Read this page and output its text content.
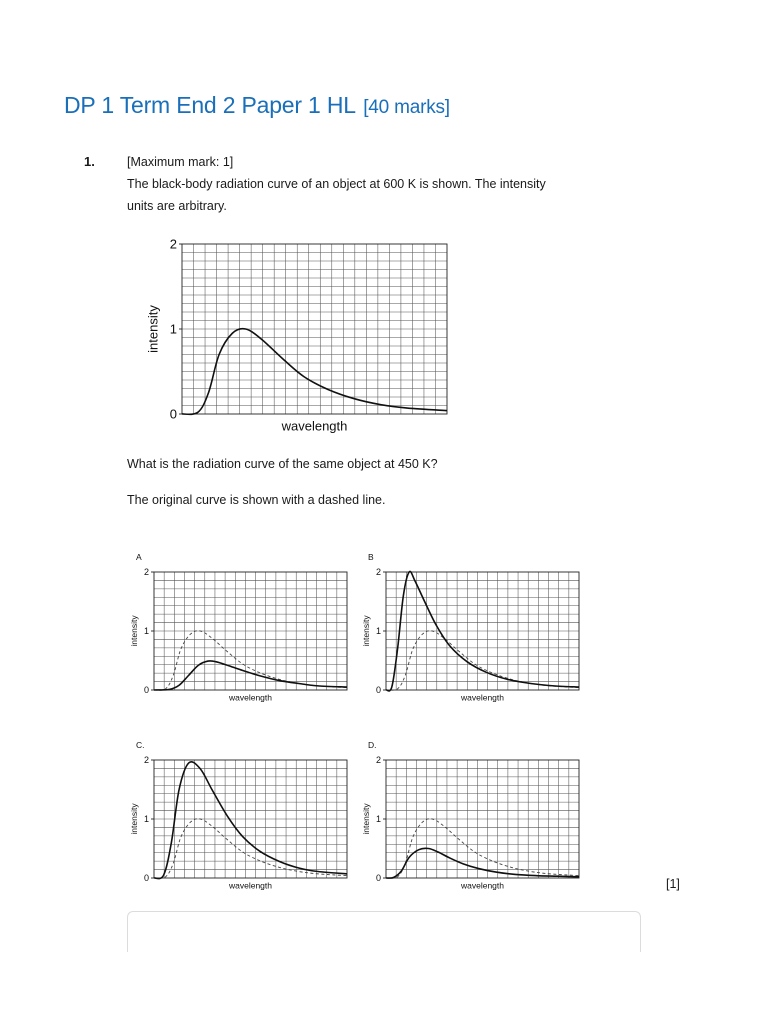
DP 1 Term End 2 Paper 1 HL [40 marks]
1.	[Maximum mark: 1]
The black-body radiation curve of an object at 600 K is shown. The intensity
units are arbitrary.
0
1
2
wavelength
intensity
What is the radiation curve of the same object at 450 K?
The original curve is shown with a dashed line.
0
1
2
wavelength
intensity
A
0
1
2
wavelength
intensity
B
0
1
2
wavelength
intensity
C.
0
1
2
wavelength
intensity
D.
[1]
